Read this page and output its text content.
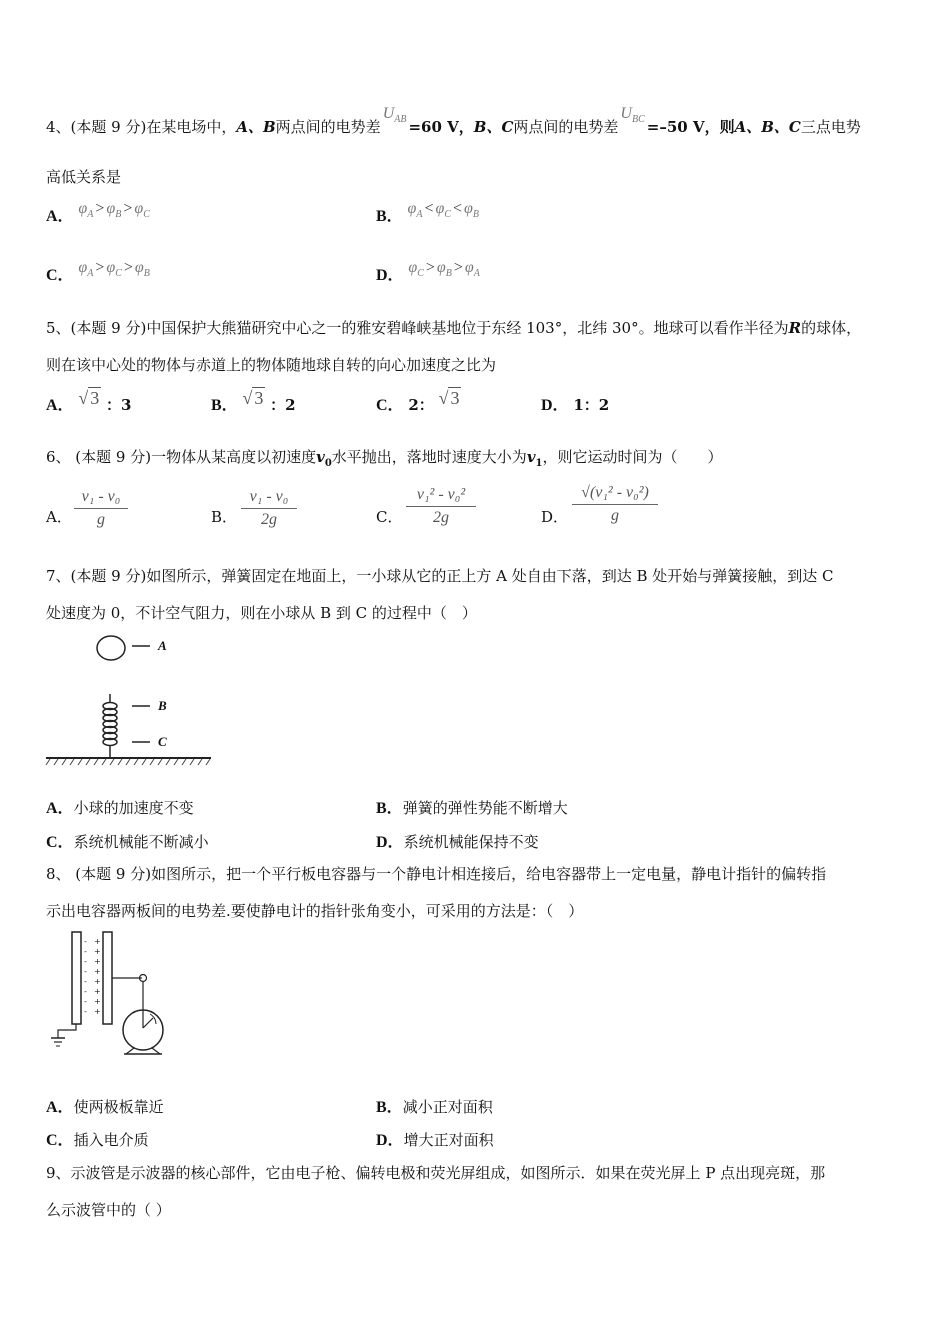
4、(本题 9 分)在某电场中，A、B两点间的电势差$U_{AB} =60$ V，B、C两点间的电势差$U_{BC} =-50$ V，则A、B、C三点电势
高低关系是
A． $\varphi_A > \varphi_B > \varphi_C$	B． $\varphi_A < \varphi_C < \varphi_B$
C． $\varphi_A > \varphi_C > \varphi_B$	D． $\varphi_C > \varphi_B > \varphi_A$
5、(本题 9 分)中国保护大熊猫研究中心之一的雅安碧峰峡基地位于东经 103°，北纬 30°。地球可以看作半径为R的球体，
则在该中心处的物体与赤道上的物体随地球自转的向心加速度之比为
A． √ 3 ：3	B． √ 3 ：2	C． 2： √ 3	D． 1：2
6、 (本题 9 分)一物体从某高度以初速度$v_0$水平抛出，落地时速度大小为$v_1$，则它运动时间为（　　）
A．
v₁ - v₀
g	B．
v₁ - v₀
2g	C．
v₁² - v₀²
2g	D．
√(v₁² - v₀²)
g
7、(本题 9 分)如图所示，弹簧固定在地面上，一小球从它的正上方 A 处自由下落，到达 B 处开始与弹簧接触，到达 C
处速度为 0，不计空气阻力，则在小球从 B 到 C 的过程中（　）
A
B
C
A．小球的加速度不变	B．弹簧的弹性势能不断增大
C．系统机械能不断减小	D．系统机械能保持不变
8、 (本题 9 分)如图所示，把一个平行板电容器与一个静电计相连接后，给电容器带上一定电量，静电计指针的偏转指
示出电容器两板间的电势差.要使静电计的指针张角变小，可采用的方法是：（　）
-
-
-
-
-
-
-
-
+
+
+
+
+
+
+
+
A．使两极板靠近	B．减小正对面积
C．插入电介质	D．增大正对面积
9、示波管是示波器的核心部件，它由电子枪、偏转电极和荧光屏组成，如图所示．如果在荧光屏上 P 点出现亮斑，那
么示波管中的（ ）
